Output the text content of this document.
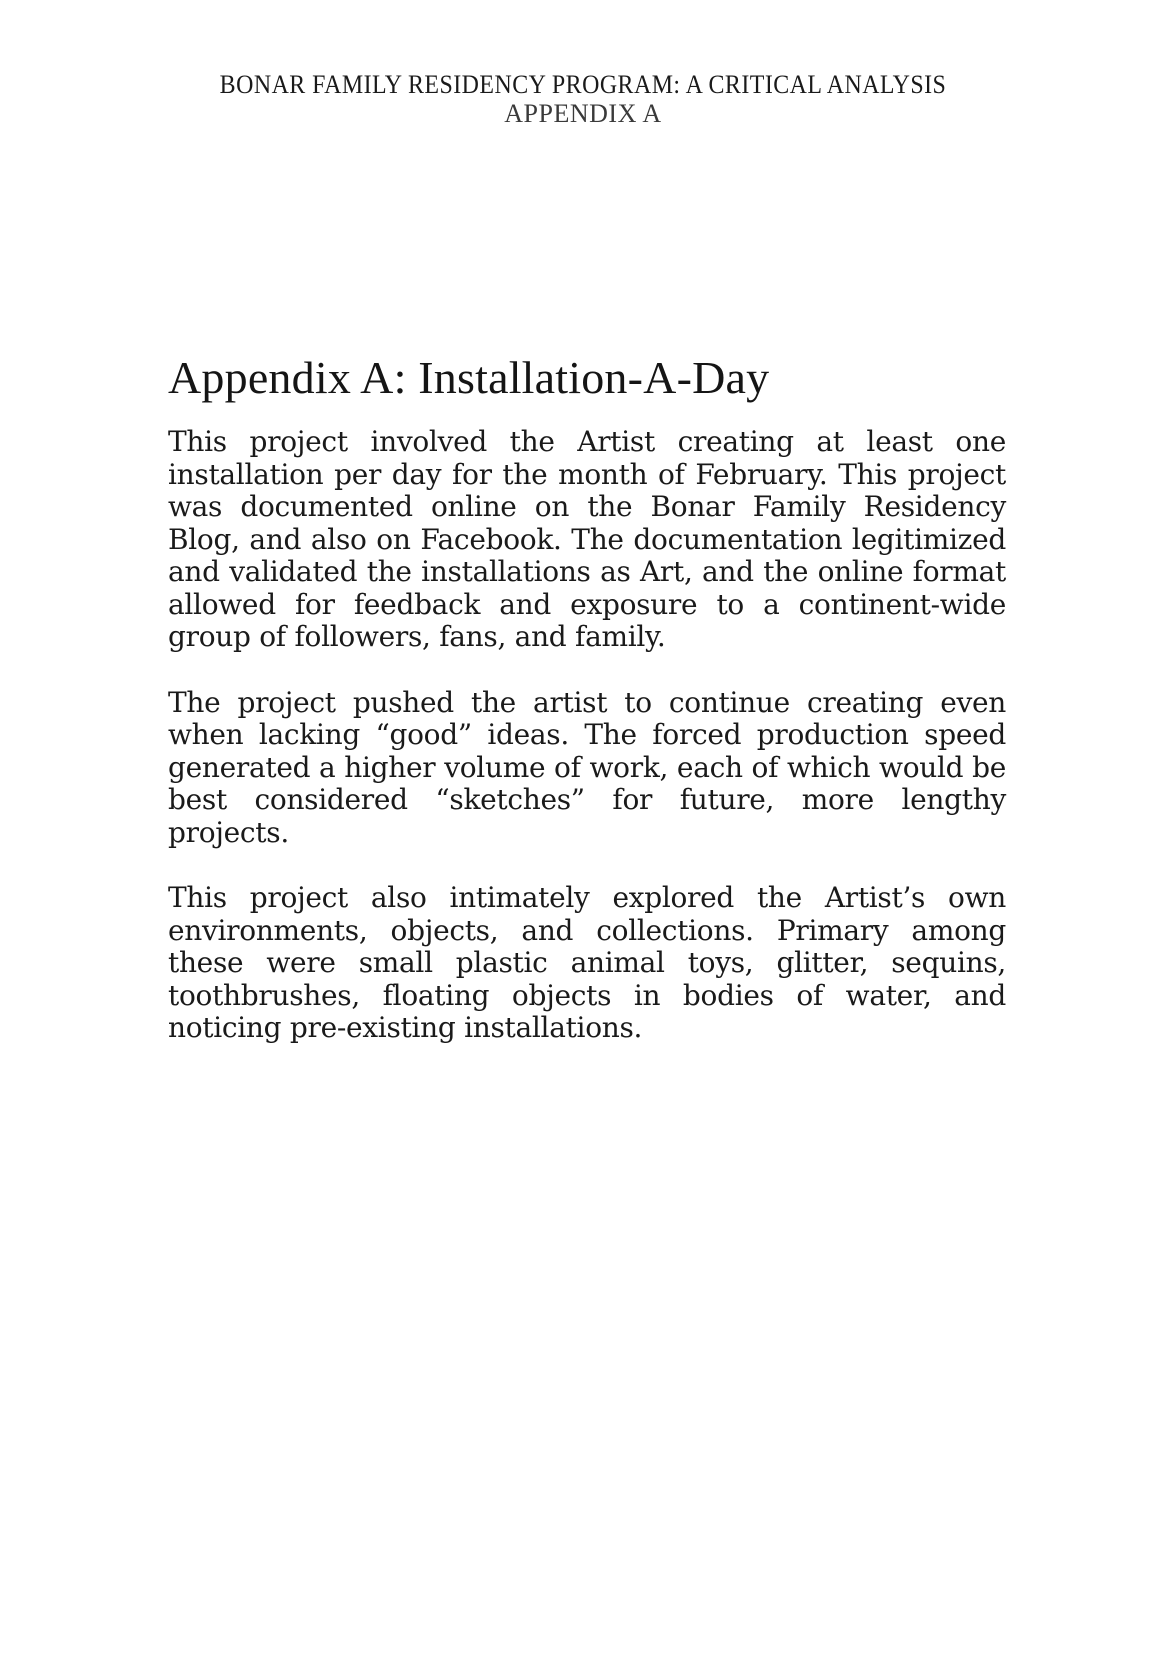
BONAR FAMILY RESIDENCY PROGRAM: A CRITICAL ANALYSIS
APPENDIX A
Appendix A: Installation-A-Day

This project involved the Artist creating at least one installation per day for the month of February. This project was documented online on the Bonar Family Residency Blog, and also on Facebook. The documentation legitimized and validated the installations as Art, and the online format allowed for feedback and exposure to a continent-wide group of followers, fans, and family.

The project pushed the artist to continue creating even when lacking “good” ideas. The forced production speed generated a higher volume of work, each of which would be best considered “sketches” for future, more lengthy projects.

This project also intimately explored the Artist’s own environments, objects, and collections. Primary among these were small plastic animal toys, glitter, sequins, toothbrushes, floating objects in bodies of water, and noticing pre-existing installations.
